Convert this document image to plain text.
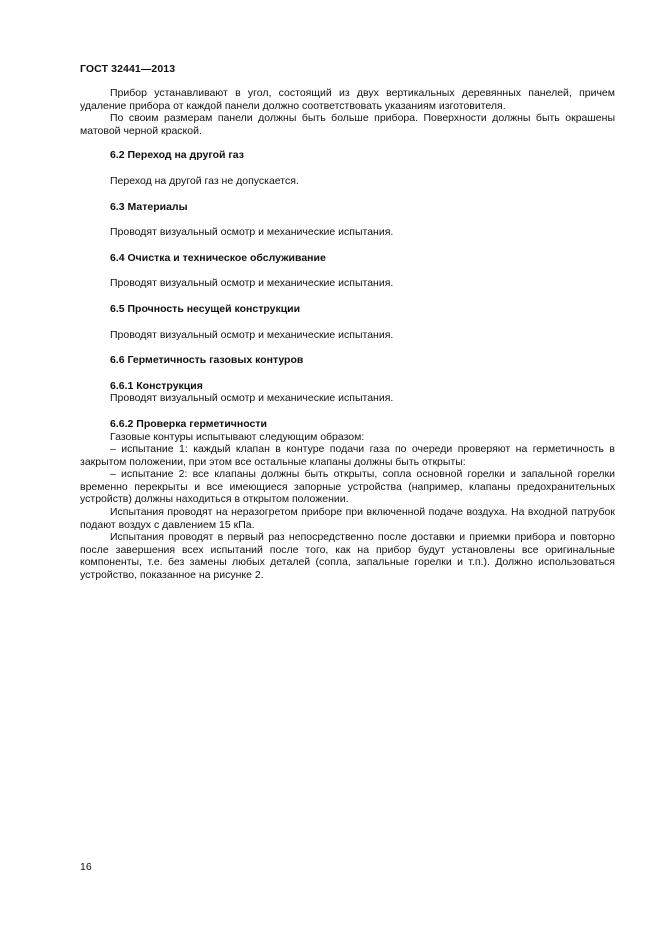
ГОСТ 32441—2013

Прибор устанавливают в угол, состоящий из двух вертикальных деревянных панелей, причем удаление прибора от каждой панели должно соответствовать указаниям изготовителя.

По своим размерам панели должны быть больше прибора. Поверхности должны быть окрашены матовой черной краской.

6.2 Переход на другой газ

Переход на другой газ не допускается.

6.3 Материалы

Проводят визуальный осмотр и механические испытания.

6.4 Очистка и техническое обслуживание

Проводят визуальный осмотр и механические испытания.

6.5 Прочность несущей конструкции

Проводят визуальный осмотр и механические испытания.

6.6 Герметичность газовых контуров

6.6.1 Конструкция

Проводят визуальный осмотр и механические испытания.

6.6.2 Проверка герметичности

Газовые контуры испытывают следующим образом:

– испытание 1: каждый клапан в контуре подачи газа по очереди проверяют на герметичность в закрытом положении, при этом все остальные клапаны должны быть открыты:

– испытание 2: все клапаны должны быть открыты, сопла основной горелки и запальной горелки временно перекрыты и все имеющиеся запорные устройства (например, клапаны предохранительных устройств) должны находиться в открытом положении.

Испытания проводят на неразогретом приборе при включенной подаче воздуха. На входной патрубок подают воздух с давлением 15 кПа.

Испытания проводят в первый раз непосредственно после доставки и приемки прибора и повторно после завершения всех испытаний после того, как на прибор будут установлены все оригинальные компоненты, т.е. без замены любых деталей (сопла, запальные горелки и т.п.). Должно использоваться устройство, показанное на рисунке 2.

16
